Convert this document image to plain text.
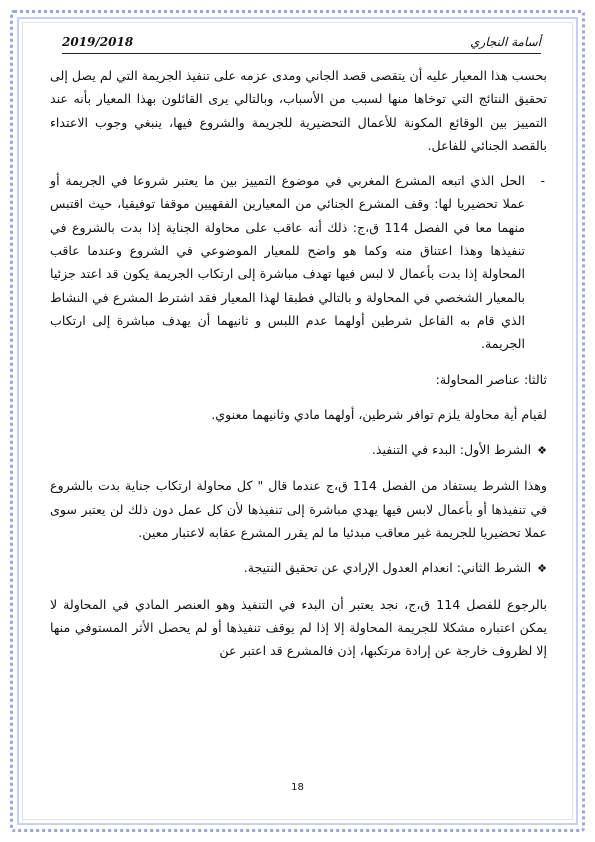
2019/2018	أسامة النجاري

بحسب هذا المعيار عليه أن يتقصى قصد الجاني ومدى عزمه على تنفيذ الجريمة التي لم يصل إلى تحقيق النتائج التي توخاها منها لسبب من الأسباب، وبالتالي يرى القائلون بهذا المعيار بأنه عند التمييز بين الوقائع المكونة للأعمال التحضيرية للجريمة والشروع فيها، ينبغي وجوب الاعتداء بالقصد الجنائي للفاعل.

-

الحل الذي اتبعه المشرع المغربي في موضوع التمييز بين ما يعتبر شروعا في الجريمة أو عملا تحضيريا لها: وقف المشرع الجنائي من المعيارين الفقهيين موقفا توفيقيا، حيث اقتبس منهما معا في الفصل 114 ق،ج: ذلك أنه عاقب على محاولة الجناية إذا بدت بالشروع في تنفيذها وهذا اعتناق منه وكما هو واضح للمعيار الموضوعي في الشروع وعندما عاقب المحاولة إذا بدت بأعمال لا لبس فيها تهدف مباشرة إلى ارتكاب الجريمة يكون قد اعتد جزئيا بالمعيار الشخصي في المحاولة و بالتالي فطبقا لهذا المعيار فقد اشترط المشرع في النشاط الذي قام به الفاعل شرطين أولهما عدم اللبس و ثانيهما أن يهدف مباشرة إلى ارتكاب الجريمة.

ثالثا: عناصر المحاولة:

لقيام أية محاولة يلزم توافر شرطين، أولهما مادي وثانيهما معنوي.

❖الشرط الأول: البدء في التنفيذ.

وهذا الشرط يستفاد من الفصل 114 ق،ج عندما قال " كل محاولة ارتكاب جناية بدت بالشروع في تنفيذها أو بأعمال لابس فيها يهدي مباشرة إلى تنفيذها لأن كل عمل دون ذلك لن يعتبر سوى عملا تحضيريا للجريمة غير معاقب مبدئيا ما لم يقرر المشرع عقابه لاعتبار معين.

❖الشرط الثاني: انعدام العدول الإرادي عن تحقيق النتيجة.

بالرجوع للفصل 114 ق،ج، نجد يعتبر أن البدء في التنفيذ وهو العنصر المادي في المحاولة لا يمكن اعتباره مشكلا للجريمة المحاولة إلا إذا لم يوقف تنفيذها أو لم يحصل الأثر المستوفي منها إلا لظروف خارجة عن إرادة مرتكبها، إذن فالمشرع قد اعتبر عن

18
